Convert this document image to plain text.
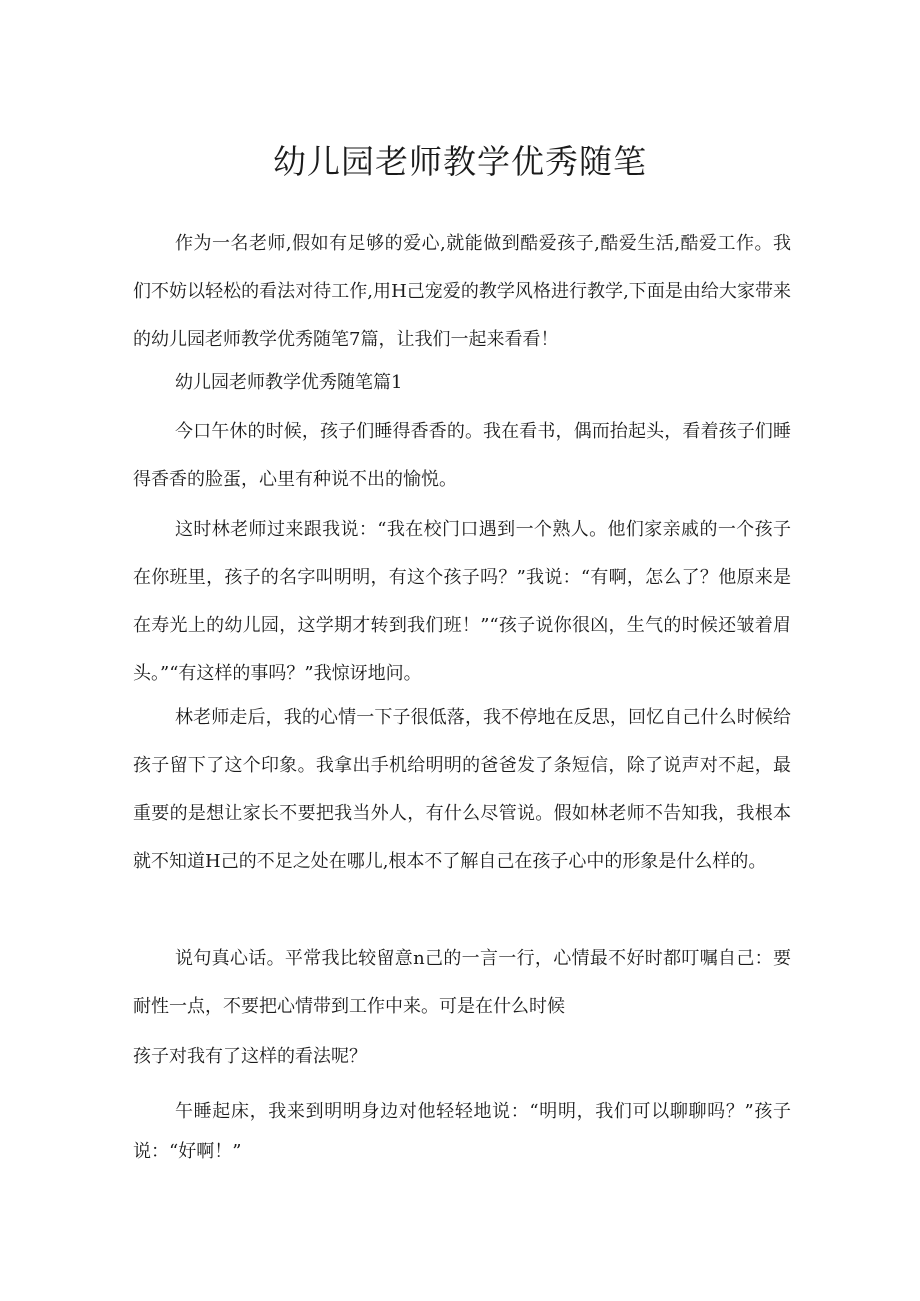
幼儿园老师教学优秀随笔

作为一名老师,假如有足够的爱心,就能做到酷爱孩子,酷爱生活,酷爱工作。我们不妨以轻松的看法对待工作,用H己宠爱的教学风格进行教学,下面是由给大家带来的幼儿园老师教学优秀随笔7篇，让我们一起来看看！

幼儿园老师教学优秀随笔篇1

今口午休的时候，孩子们睡得香香的。我在看书，偶而抬起头，看着孩子们睡得香香的脸蛋，心里有种说不出的愉悦。

这时林老师过来跟我说：“我在校门口遇到一个熟人。他们家亲戚的一个孩子在你班里，孩子的名字叫明明，有这个孩子吗？”我说：“有啊，怎么了？他原来是在寿光上的幼儿园，这学期才转到我们班！”“孩子说你很凶，生气的时候还皱着眉头。”“有这样的事吗？”我惊讶地问。

林老师走后，我的心情一下子很低落，我不停地在反思，回忆自己什么时候给孩子留下了这个印象。我拿出手机给明明的爸爸发了条短信，除了说声对不起，最重要的是想让家长不要把我当外人，有什么尽管说。假如林老师不告知我，我根本就不知道H己的不足之处在哪儿,根本不了解自己在孩子心中的形象是什么样的。

说句真心话。平常我比较留意n己的一言一行，心情最不好时都叮嘱自己：要耐性一点，不要把心情带到工作中来。可是在什么时候

孩子对我有了这样的看法呢？

午睡起床，我来到明明身边对他轻轻地说：“明明，我们可以聊聊吗？”孩子说：“好啊！”
